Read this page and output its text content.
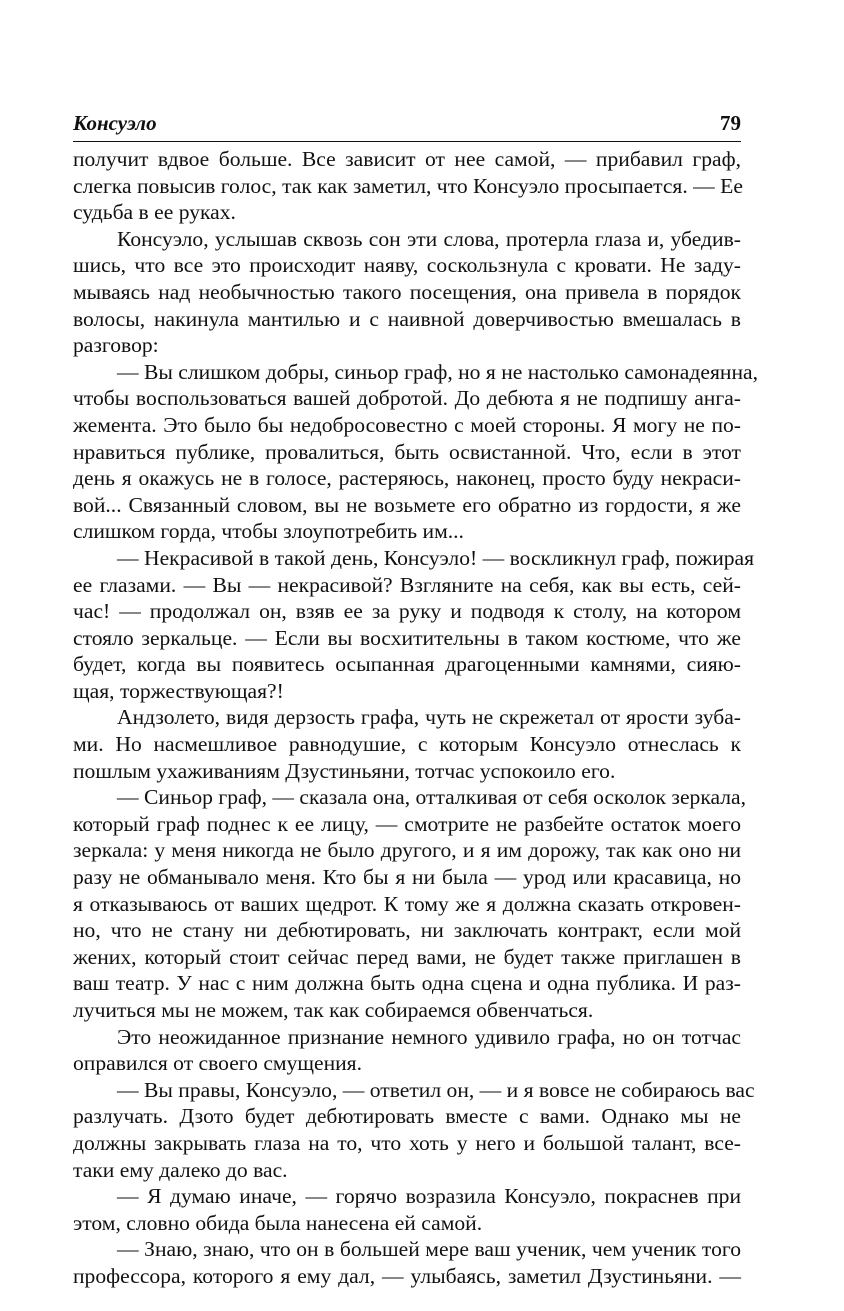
Консуэло	79
получит вдвое больше. Все зависит от нее самой, — прибавил граф,
слегка повысив голос, так как заметил, что Консуэло просыпается. — Ее
судьба в ее руках.
Консуэло, услышав сквозь сон эти слова, протерла глаза и, убедив-
шись, что все это происходит наяву, соскользнула с кровати. Не заду-
мываясь над необычностью такого посещения, она привела в порядок
волосы, накинула мантилью и с наивной доверчивостью вмешалась в
разговор:
— Вы слишком добры, синьор граф, но я не настолько самонадеянна,
чтобы воспользоваться вашей добротой. До дебюта я не подпишу анга-
жемента. Это было бы недобросовестно с моей стороны. Я могу не по-
нравиться публике, провалиться, быть освистанной. Что, если в этот
день я окажусь не в голосе, растеряюсь, наконец, просто буду некраси-
вой... Связанный словом, вы не возьмете его обратно из гордости, я же
слишком горда, чтобы злоупотребить им...
— Некрасивой в такой день, Консуэло! — воскликнул граф, пожирая
ее глазами. — Вы — некрасивой? Взгляните на себя, как вы есть, сей-
час! — продолжал он, взяв ее за руку и подводя к столу, на котором
стояло зеркальце. — Если вы восхитительны в таком костюме, что же
будет, когда вы появитесь осыпанная драгоценными камнями, сияю-
щая, торжествующая?!
Андзолето, видя дерзость графа, чуть не скрежетал от ярости зуба-
ми. Но насмешливое равнодушие, с которым Консуэло отнеслась к
пошлым ухаживаниям Дзустиньяни, тотчас успокоило его.
— Синьор граф, — сказала она, отталкивая от себя осколок зеркала,
который граф поднес к ее лицу, — смотрите не разбейте остаток моего
зеркала: у меня никогда не было другого, и я им дорожу, так как оно ни
разу не обманывало меня. Кто бы я ни была — урод или красавица, но
я отказываюсь от ваших щедрот. К тому же я должна сказать откровен-
но, что не стану ни дебютировать, ни заключать контракт, если мой
жених, который стоит сейчас перед вами, не будет также приглашен в
ваш театр. У нас с ним должна быть одна сцена и одна публика. И раз-
лучиться мы не можем, так как собираемся обвенчаться.
Это неожиданное признание немного удивило графа, но он тотчас
оправился от своего смущения.
— Вы правы, Консуэло, — ответил он, — и я вовсе не собираюсь вас
разлучать. Дзото будет дебютировать вместе с вами. Однако мы не
должны закрывать глаза на то, что хоть у него и большой талант, все-
таки ему далеко до вас.
— Я думаю иначе, — горячо возразила Консуэло, покраснев при
этом, словно обида была нанесена ей самой.
— Знаю, знаю, что он в большей мере ваш ученик, чем ученик того
профессора, которого я ему дал, — улыбаясь, заметил Дзустиньяни. —
